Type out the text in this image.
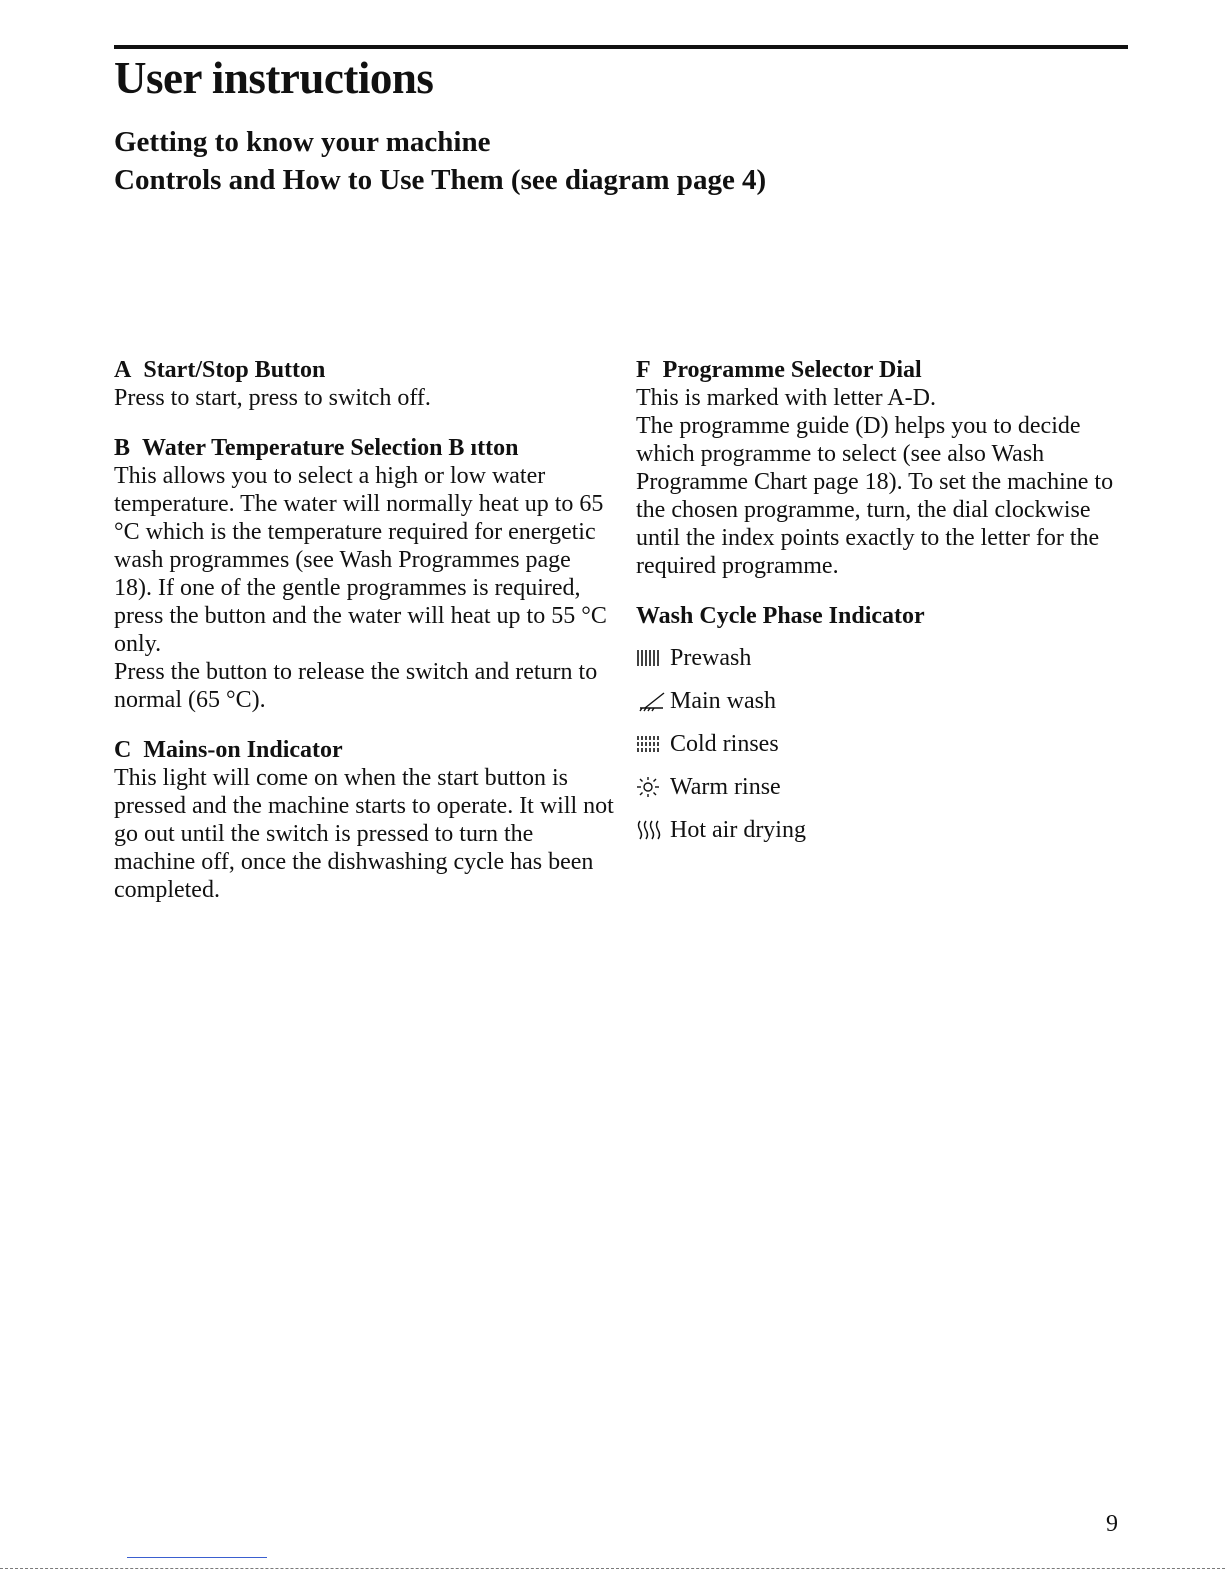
User instructions
Getting to know your machine
Controls and How to Use Them (see diagram page 4)
A Start/Stop Button

Press to start, press to switch off.

B Water Temperature Selection B ıtton

This allows you to select a high or low water temperature. The water will normally heat up to 65 °C which is the temperature required for energetic wash programmes (see Wash Programmes page 18). If one of the gentle programmes is required, press the button and the water will heat up to 55 °C only.

Press the button to release the switch and return to normal (65 °C).

C Mains-on Indicator

This light will come on when the start button is pressed and the machine starts to operate. It will not go out until the switch is pressed to turn the machine off, once the dishwashing cycle has been completed.

F Programme Selector Dial

This is marked with letter A-D.

The programme guide (D) helps you to decide which programme to select (see also Wash Programme Chart page 18). To set the machine to the chosen programme, turn, the dial clockwise until the index points exactly to the letter for the required programme.

Wash Cycle Phase Indicator
Prewash
Main wash
Cold rinses
Warm rinse
Hot air drying
9
